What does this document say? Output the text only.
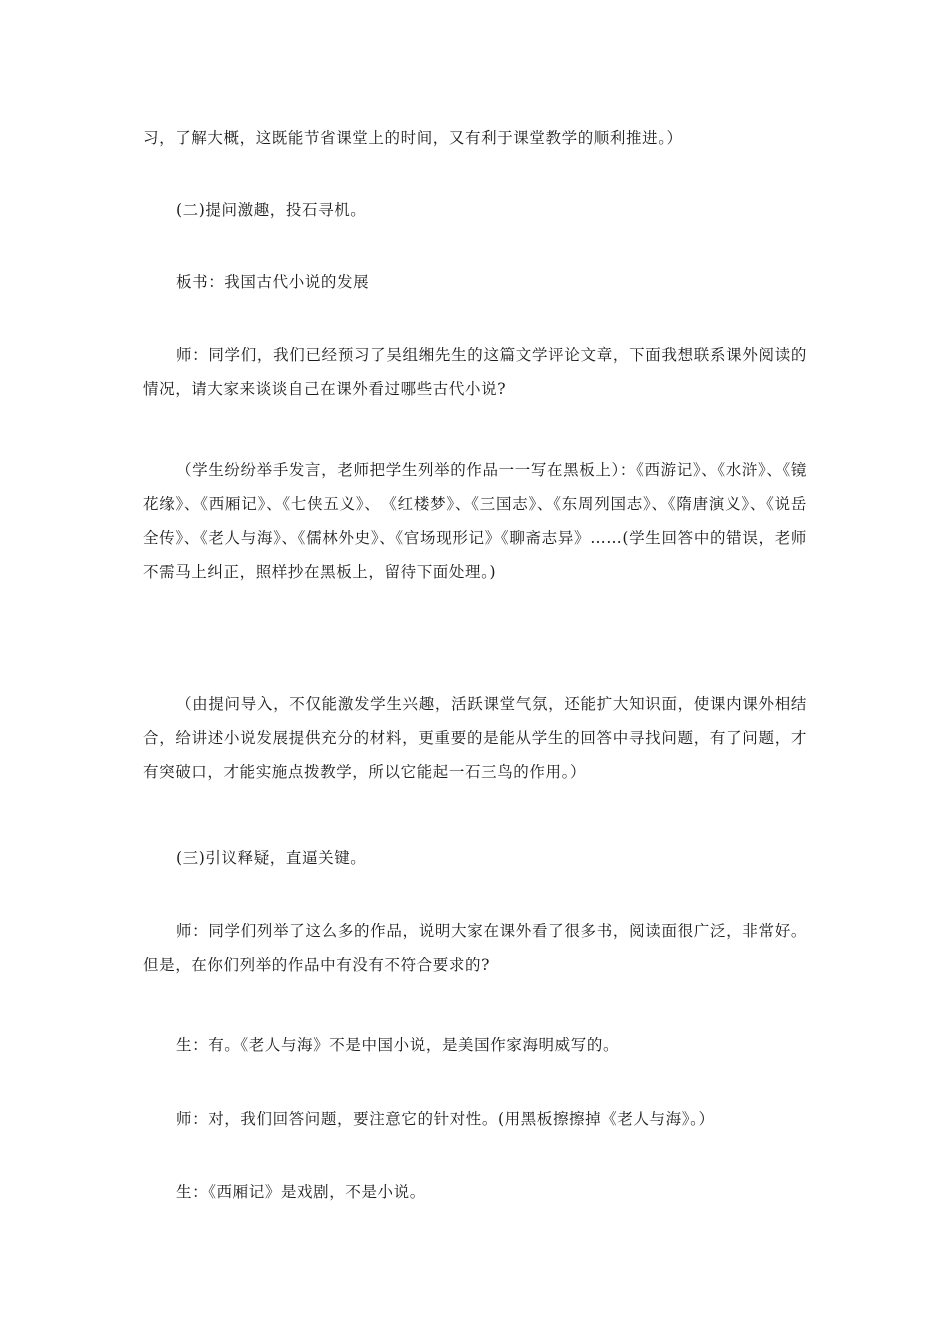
习，了解大概，这既能节省课堂上的时间，又有利于课堂教学的顺利推进。）

(二)提问激趣，投石寻机。

板书：我国古代小说的发展

师：同学们，我们已经预习了吴组缃先生的这篇文学评论文章，下面我想联系课外阅读的情况，请大家来谈谈自己在课外看过哪些古代小说?

（学生纷纷举手发言，老师把学生列举的作品一一写在黑板上）：《西游记》、《水浒》、《镜花缘》、《西厢记》、《七侠五义》、　《红楼梦》、《三国志》、《东周列国志》、《隋唐演义》、《说岳全传》、《老人与海》、《儒林外史》、《官场现形记》《聊斋志异》……(学生回答中的错误，老师不需马上纠正，照样抄在黑板上，留待下面处理。)

（由提问导入，不仅能激发学生兴趣，活跃课堂气氛，还能扩大知识面，使课内课外相结合，给讲述小说发展提供充分的材料，更重要的是能从学生的回答中寻找问题，有了问题，才有突破口，才能实施点拨教学，所以它能起一石三鸟的作用。）

(三)引议释疑，直逼关键。

师：同学们列举了这么多的作品，说明大家在课外看了很多书，阅读面很广泛，非常好。但是，在你们列举的作品中有没有不符合要求的?

生：有。《老人与海》不是中国小说，是美国作家海明威写的。

师：对，我们回答问题，要注意它的针对性。(用黑板擦擦掉《老人与海》。）

生：《西厢记》是戏剧，不是小说。
